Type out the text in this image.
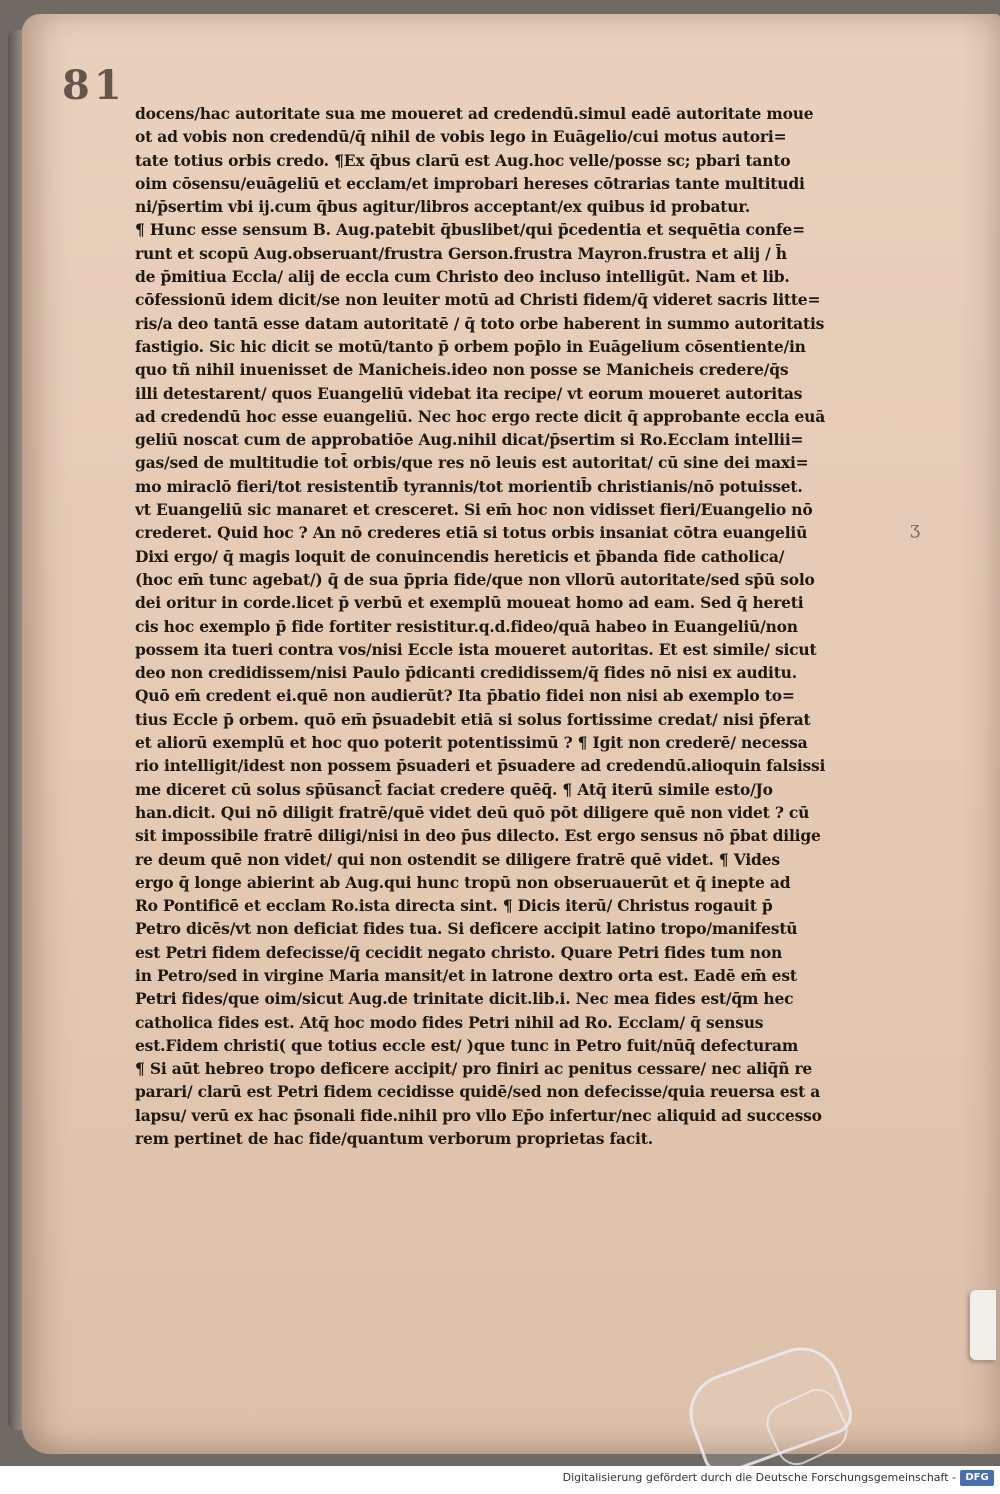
81
docens/hac autoritate sua me moueret ad credendū.simul eadē autoritate moue
ot ad vobis non credendū/q̄ nihil de vobis lego in Euāgelio/cui motus autori=
tate totius orbis credo. ¶Ex q̄bus clarū est Aug.hoc velle/posse sc; pbari tanto
oim cōsensu/euāgeliū et ecclam/et improbari hereses cōtrarias tante multitudi
ni/p̄sertim vbi ij.cum q̄bus agitur/libros acceptant/ex quibus id probatur.
¶ Hunc esse sensum B. Aug.patebit q̄buslibet/qui p̄cedentia et sequētia confe=
runt et scopū Aug.obseruant/frustra Gerson.frustra Mayron.frustra et alij / h̄
de p̄mitiua Eccla/ alij de eccla cum Christo deo incluso intelligūt. Nam et lib.
cōfessionū idem dicit/se non leuiter motū ad Christi fidem/q̄ videret sacris litte=
ris/a deo tantā esse datam autoritatē / q̄ toto orbe haberent in summo autoritatis
fastigio. Sic hic dicit se motū/tanto p̄ orbem pop̄lo in Euāgelium cōsentiente/in
quo tñ nihil inuenisset de Manicheis.ideo non posse se Manicheis credere/q̄s
illi detestarent/ quos Euangeliū videbat ita recipe/ vt eorum moueret autoritas
ad credendū hoc esse euangeliū. Nec hoc ergo recte dicit q̄ approbante eccla euā
geliū noscat cum de approbatiōe Aug.nihil dicat/p̄sertim si Ro.Ecclam intellii=
gas/sed de multitudie tot̄ orbis/que res nō leuis est autoritat/ cū sine dei maxi=
mo miraclō fieri/tot resistentib̄ tyrannis/tot morientib̄ christianis/nō potuisset.
vt Euangeliū sic manaret et cresceret. Si em̄ hoc non vidisset fieri/Euangelio nō
crederet. Quid hoc ? An nō crederes etiā si totus orbis insaniat cōtra euangeliū
Dixi ergo/ q̄ magis loquit de conuincendis hereticis et p̄banda fide catholica/
(hoc em̄ tunc agebat/) q̄ de sua p̄pria fide/que non vllorū autoritate/sed sp̄ū solo
dei oritur in corde.licet p̄ verbū et exemplū moueat homo ad eam. Sed q̄ hereti
cis hoc exemplo p̄ fide fortiter resistitur.q.d.fideo/quā habeo in Euangeliū/non
possem ita tueri contra vos/nisi Eccle ista moueret autoritas. Et est simile/ sicut
deo non credidissem/nisi Paulo p̄dicanti credidissem/q̄ fides nō nisi ex auditu.
Quō em̄ credent ei.quē non audierūt? Ita p̄batio fidei non nisi ab exemplo to=
tius Eccle p̄ orbem. quō em̄ p̄suadebit etiā si solus fortissime credat/ nisi p̄ferat
et aliorū exemplū et hoc quo poterit potentissimū ? ¶ Igit non crederē/ necessa
rio intelligit/idest non possem p̄suaderi et p̄suadere ad credendū.alioquin falsissi
me diceret cū solus sp̄ūsanct̄ faciat credere quēq̄. ¶ Atq̄ iterū simile esto/Jo
han.dicit. Qui nō diligit fratrē/quē videt deū quō pōt diligere quē non videt ? cū
sit impossibile fratrē diligi/nisi in deo p̄us dilecto. Est ergo sensus nō p̄bat dilige
re deum quē non videt/ qui non ostendit se diligere fratrē quē videt. ¶ Vides
ergo q̄ longe abierint ab Aug.qui hunc tropū non obseruauerūt et q̄ inepte ad
Ro Pontificē et ecclam Ro.ista directa sint. ¶ Dicis iterū/ Christus rogauit p̄
Petro dicēs/vt non deficiat fides tua. Si deficere accipit latino tropo/manifestū
est Petri fidem defecisse/q̄ cecidit negato christo. Quare Petri fides tum non
in Petro/sed in virgine Maria mansit/et in latrone dextro orta est. Eadē em̄ est
Petri fides/que oim/sicut Aug.de trinitate dicit.lib.i. Nec mea fides est/q̄m hec
catholica fides est. Atq̄ hoc modo fides Petri nihil ad Ro. Ecclam/ q̄ sensus
est.Fidem christi( que totius eccle est/ )que tunc in Petro fuit/nūq̄ defecturam
¶ Si aūt hebreo tropo deficere accipit/ pro finiri ac penitus cessare/ nec aliq̄ñ re
parari/ clarū est Petri fidem cecidisse quidē/sed non defecisse/quia reuersa est a
lapsu/ verū ex hac p̄sonali fide.nihil pro vllo Ep̄o infertur/nec aliquid ad successo
rem pertinet de hac fide/quantum verborum proprietas facit.
ʒ
Digitalisierung gefördert durch die Deutsche Forschungsgemeinschaft - DFG
